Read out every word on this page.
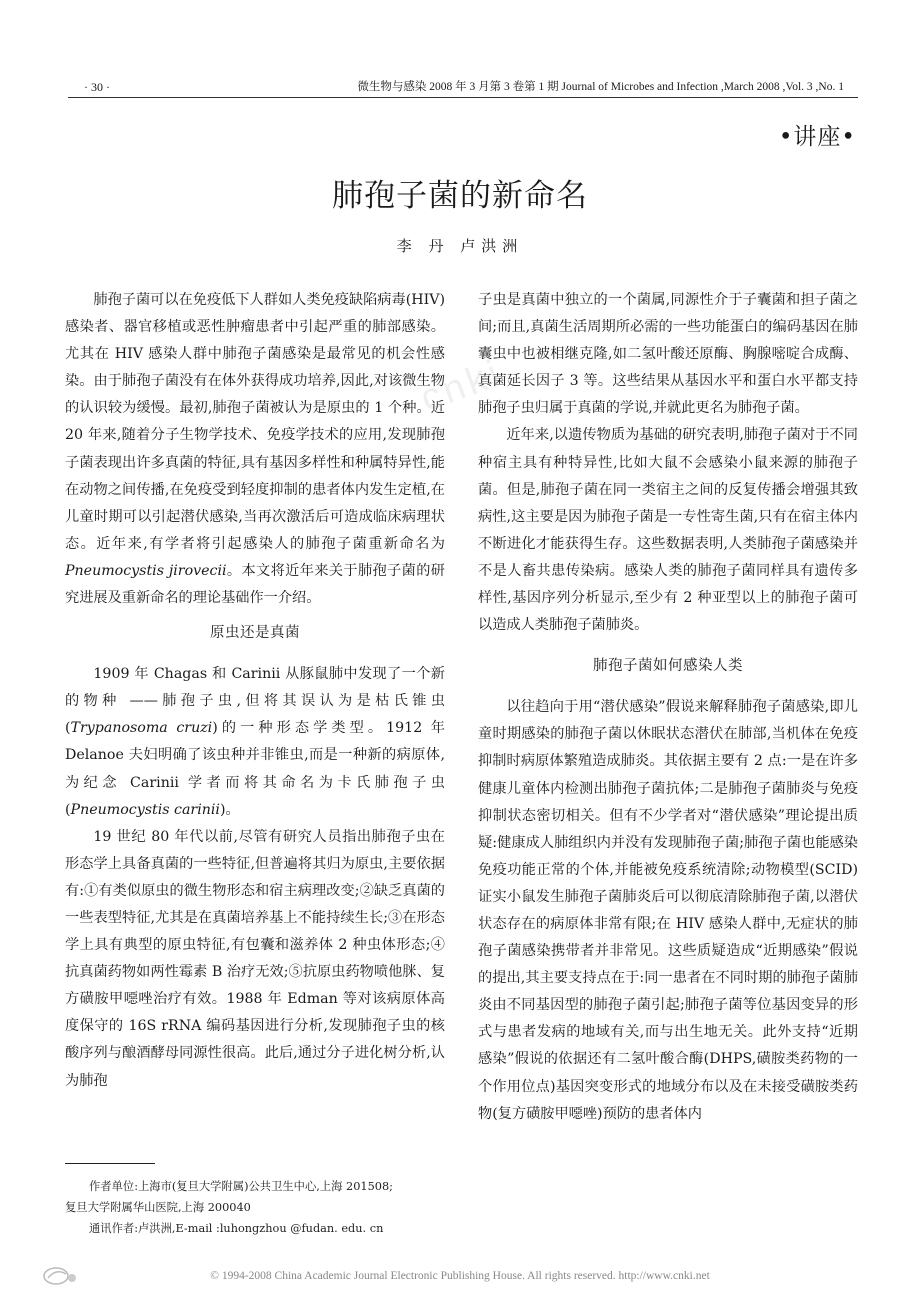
· 30 ·	微生物与感染 2008 年 3 月第 3 卷第 1 期 Journal of Microbes and Infection ,March 2008 ,Vol. 3 ,No. 1
•讲座•
cnki
肺孢子菌的新命名
李 丹 卢洪洲

肺孢子菌可以在免疫低下人群如人类免疫缺陷病毒(HIV)感染者、器官移植或恶性肿瘤患者中引起严重的肺部感染。尤其在 HIV 感染人群中肺孢子菌感染是最常见的机会性感染。由于肺孢子菌没有在体外获得成功培养,因此,对该微生物的认识较为缓慢。最初,肺孢子菌被认为是原虫的 1 个种。近 20 年来,随着分子生物学技术、免疫学技术的应用,发现肺孢子菌表现出许多真菌的特征,具有基因多样性和种属特异性,能在动物之间传播,在免疫受到轻度抑制的患者体内发生定植,在儿童时期可以引起潜伏感染,当再次激活后可造成临床病理状态。近年来,有学者将引起感染人的肺孢子菌重新命名为 Pneumocystis jirovecii。本文将近年来关于肺孢子菌的研究进展及重新命名的理论基础作一介绍。

原虫还是真菌

1909 年 Chagas 和 Carinii 从豚鼠肺中发现了一个新的物种 ——肺孢子虫,但将其误认为是枯氏锥虫(Trypanosoma cruzi)的一种形态学类型。1912 年 Delanoe 夫妇明确了该虫种并非锥虫,而是一种新的病原体,为纪念 Carinii 学者而将其命名为卡氏肺孢子虫(Pneumocystis carinii)。

19 世纪 80 年代以前,尽管有研究人员指出肺孢子虫在形态学上具备真菌的一些特征,但普遍将其归为原虫,主要依据有:①有类似原虫的微生物形态和宿主病理改变;②缺乏真菌的一些表型特征,尤其是在真菌培养基上不能持续生长;③在形态学上具有典型的原虫特征,有包囊和滋养体 2 种虫体形态;④抗真菌药物如两性霉素 B 治疗无效;⑤抗原虫药物喷他脒、复方磺胺甲噁唑治疗有效。1988 年 Edman 等对该病原体高度保守的 16S rRNA 编码基因进行分析,发现肺孢子虫的核酸序列与酿酒酵母同源性很高。此后,通过分子进化树分析,认为肺孢

子虫是真菌中独立的一个菌属,同源性介于子囊菌和担子菌之间;而且,真菌生活周期所必需的一些功能蛋白的编码基因在肺囊虫中也被相继克隆,如二氢叶酸还原酶、胸腺嘧啶合成酶、真菌延长因子 3 等。这些结果从基因水平和蛋白水平都支持肺孢子虫归属于真菌的学说,并就此更名为肺孢子菌。

近年来,以遗传物质为基础的研究表明,肺孢子菌对于不同种宿主具有种特异性,比如大鼠不会感染小鼠来源的肺孢子菌。但是,肺孢子菌在同一类宿主之间的反复传播会增强其致病性,这主要是因为肺孢子菌是一专性寄生菌,只有在宿主体内不断进化才能获得生存。这些数据表明,人类肺孢子菌感染并不是人畜共患传染病。感染人类的肺孢子菌同样具有遗传多样性,基因序列分析显示,至少有 2 种亚型以上的肺孢子菌可以造成人类肺孢子菌肺炎。

肺孢子菌如何感染人类

以往趋向于用“潜伏感染”假说来解释肺孢子菌感染,即儿童时期感染的肺孢子菌以休眠状态潜伏在肺部,当机体在免疫抑制时病原体繁殖造成肺炎。其依据主要有 2 点:一是在许多健康儿童体内检测出肺孢子菌抗体;二是肺孢子菌肺炎与免疫抑制状态密切相关。但有不少学者对“潜伏感染”理论提出质疑:健康成人肺组织内并没有发现肺孢子菌;肺孢子菌也能感染免疫功能正常的个体,并能被免疫系统清除;动物模型(SCID)证实小鼠发生肺孢子菌肺炎后可以彻底清除肺孢子菌,以潜伏状态存在的病原体非常有限;在 HIV 感染人群中,无症状的肺孢子菌感染携带者并非常见。这些质疑造成“近期感染”假说的提出,其主要支持点在于:同一患者在不同时期的肺孢子菌肺炎由不同基因型的肺孢子菌引起;肺孢子菌等位基因变异的形式与患者发病的地域有关,而与出生地无关。此外支持“近期感染”假说的依据还有二氢叶酸合酶(DHPS,磺胺类药物的一个作用位点)基因突变形式的地域分布以及在未接受磺胺类药物(复方磺胺甲噁唑)预防的患者体内

作者单位:上海市(复旦大学附属)公共卫生中心,上海 201508;
复旦大学附属华山医院,上海 200040
通讯作者:卢洪洲,E-mail :luhongzhou @fudan. edu. cn
© 1994-2008 China Academic Journal Electronic Publishing House. All rights reserved. http://www.cnki.net
